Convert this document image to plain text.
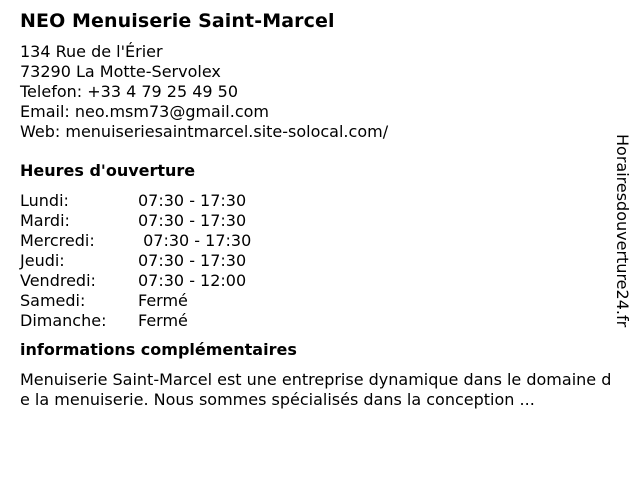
NEO Menuiserie Saint-Marcel
134 Rue de l'Érier
73290 La Motte-Servolex
Telefon: +33 4 79 25 49 50
Email: neo.msm73@gmail.com
Web: menuiseriesaintmarcel.site-solocal.com/
Heures d'ouverture
Lundi:	07:30 - 17:30
Mardi:	07:30 - 17:30
Mercredi:	07:30 - 17:30
Jeudi:	07:30 - 17:30
Vendredi:	07:30 - 12:00
Samedi:	Fermé
Dimanche:	Fermé
informations complémentaires
Menuiserie Saint-Marcel est une entreprise dynamique dans le domaine de la menuiserie. Nous sommes spécialisés dans la conception ...
Horairesdouverture24.fr
